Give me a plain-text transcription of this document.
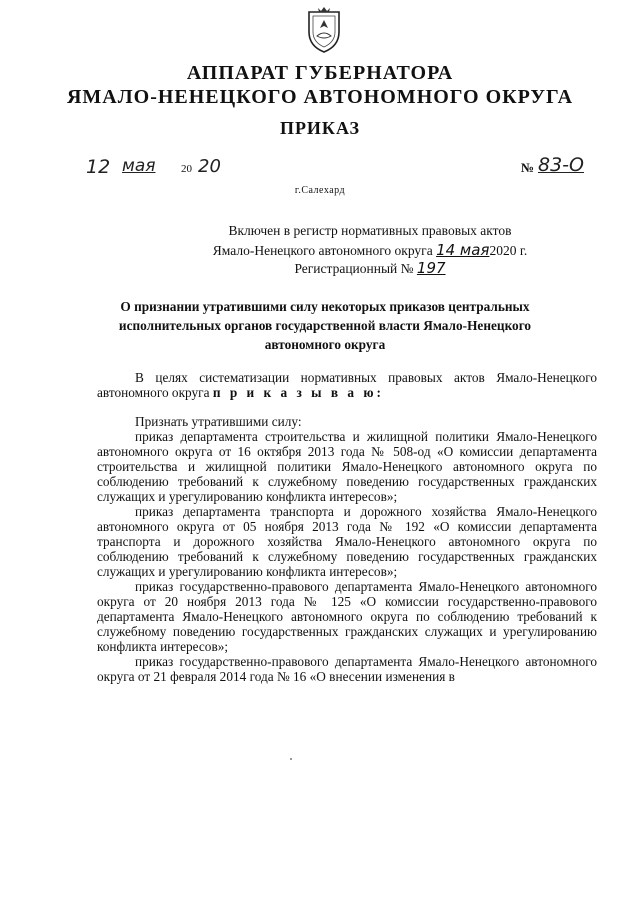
АППАРАТ ГУБЕРНАТОРА
ЯМАЛО-НЕНЕЦКОГО АВТОНОМНОГО ОКРУГА
ПРИКАЗ
12 мая 20 20	№ 83-О
г.Салехард
Включен в регистр нормативных правовых актов
Ямало-Ненецкого автономного округа 14 мая2020 г.
Регистрационный № 197
О признании утратившими силу некоторых приказов центральных исполнительных органов государственной власти Ямало-Ненецкого автономного округа

В целях систематизации нормативных правовых актов Ямало-Ненецкого автономного округа п р и к а з ы в а ю:

Признать утратившими силу:

приказ департамента строительства и жилищной политики Ямало-Ненецкого автономного округа от 16 октября 2013 года № 508-од «О комиссии департамента строительства и жилищной политики Ямало-Ненецкого автономного округа по соблюдению требований к служебному поведению государственных гражданских служащих и урегулированию конфликта интересов»;

приказ департамента транспорта и дорожного хозяйства Ямало-Ненецкого автономного округа от 05 ноября 2013 года № 192 «О комиссии департамента транспорта и дорожного хозяйства Ямало-Ненецкого автономного округа по соблюдению требований к служебному поведению государственных гражданских служащих и урегулированию конфликта интересов»;

приказ государственно-правового департамента Ямало-Ненецкого автономного округа от 20 ноября 2013 года № 125 «О комиссии государственно-правового департамента Ямало-Ненецкого автономного округа по соблюдению требований к служебному поведению государственных гражданских служащих и урегулированию конфликта интересов»;

приказ государственно-правового департамента Ямало-Ненецкого автономного округа от 21 февраля 2014 года № 16 «О внесении изменения в
